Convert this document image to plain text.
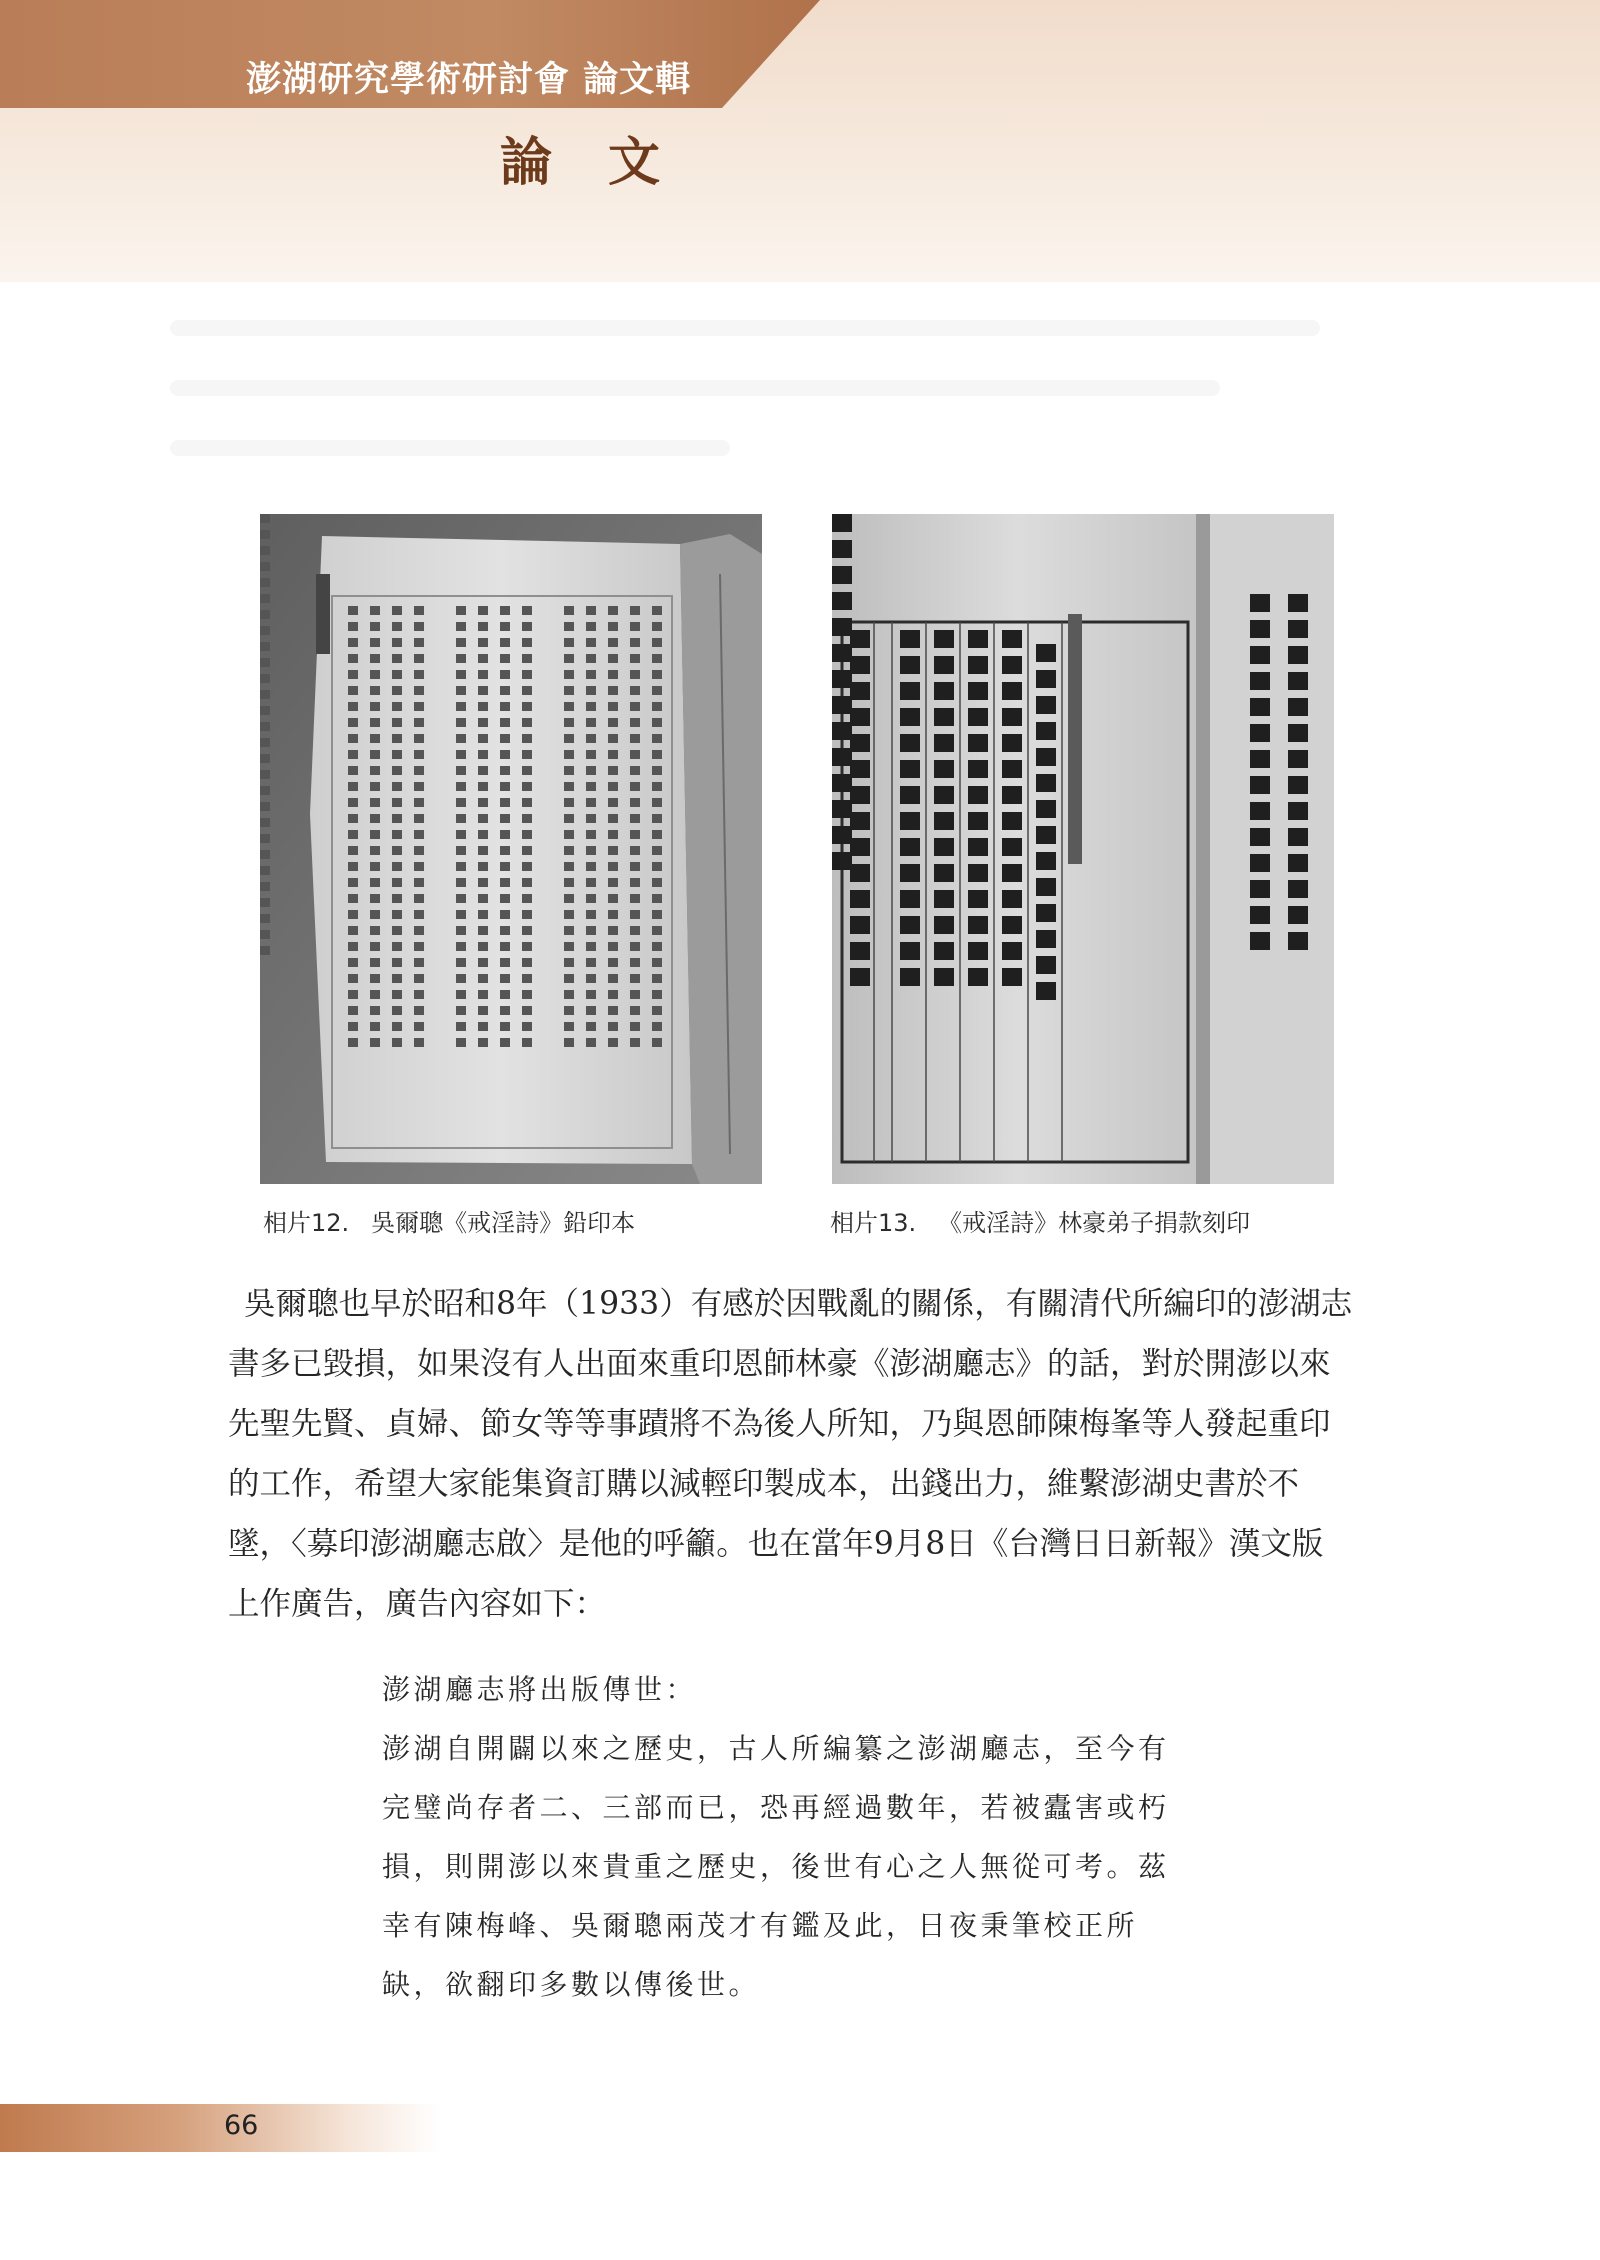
澎湖研究學術研討會 論文輯
論文

相片12. 吳爾聰《戒淫詩》鉛印本	相片13. 《戒淫詩》林豪弟子捐款刻印

吳爾聰也早於昭和8年（1933）有感於因戰亂的關係，有關清代所編印的澎湖志
書多已毀損，如果沒有人出面來重印恩師林豪《澎湖廳志》的話，對於開澎以來
先聖先賢、貞婦、節女等等事蹟將不為後人所知，乃與恩師陳梅峯等人發起重印
的工作，希望大家能集資訂購以減輕印製成本，出錢出力，維繫澎湖史書於不
墜，〈募印澎湖廳志啟〉是他的呼籲。也在當年9月8日《台灣日日新報》漢文版
上作廣告，廣告內容如下：

澎湖廳志將出版傳世：
澎湖自開闢以來之歷史，古人所編纂之澎湖廳志，至今有
完璧尚存者二、三部而已，恐再經過數年，若被蠹害或朽
損，則開澎以來貴重之歷史，後世有心之人無從可考。茲
幸有陳梅峰、吳爾聰兩茂才有鑑及此，日夜秉筆校正所
缺，欲翻印多數以傳後世。

66
